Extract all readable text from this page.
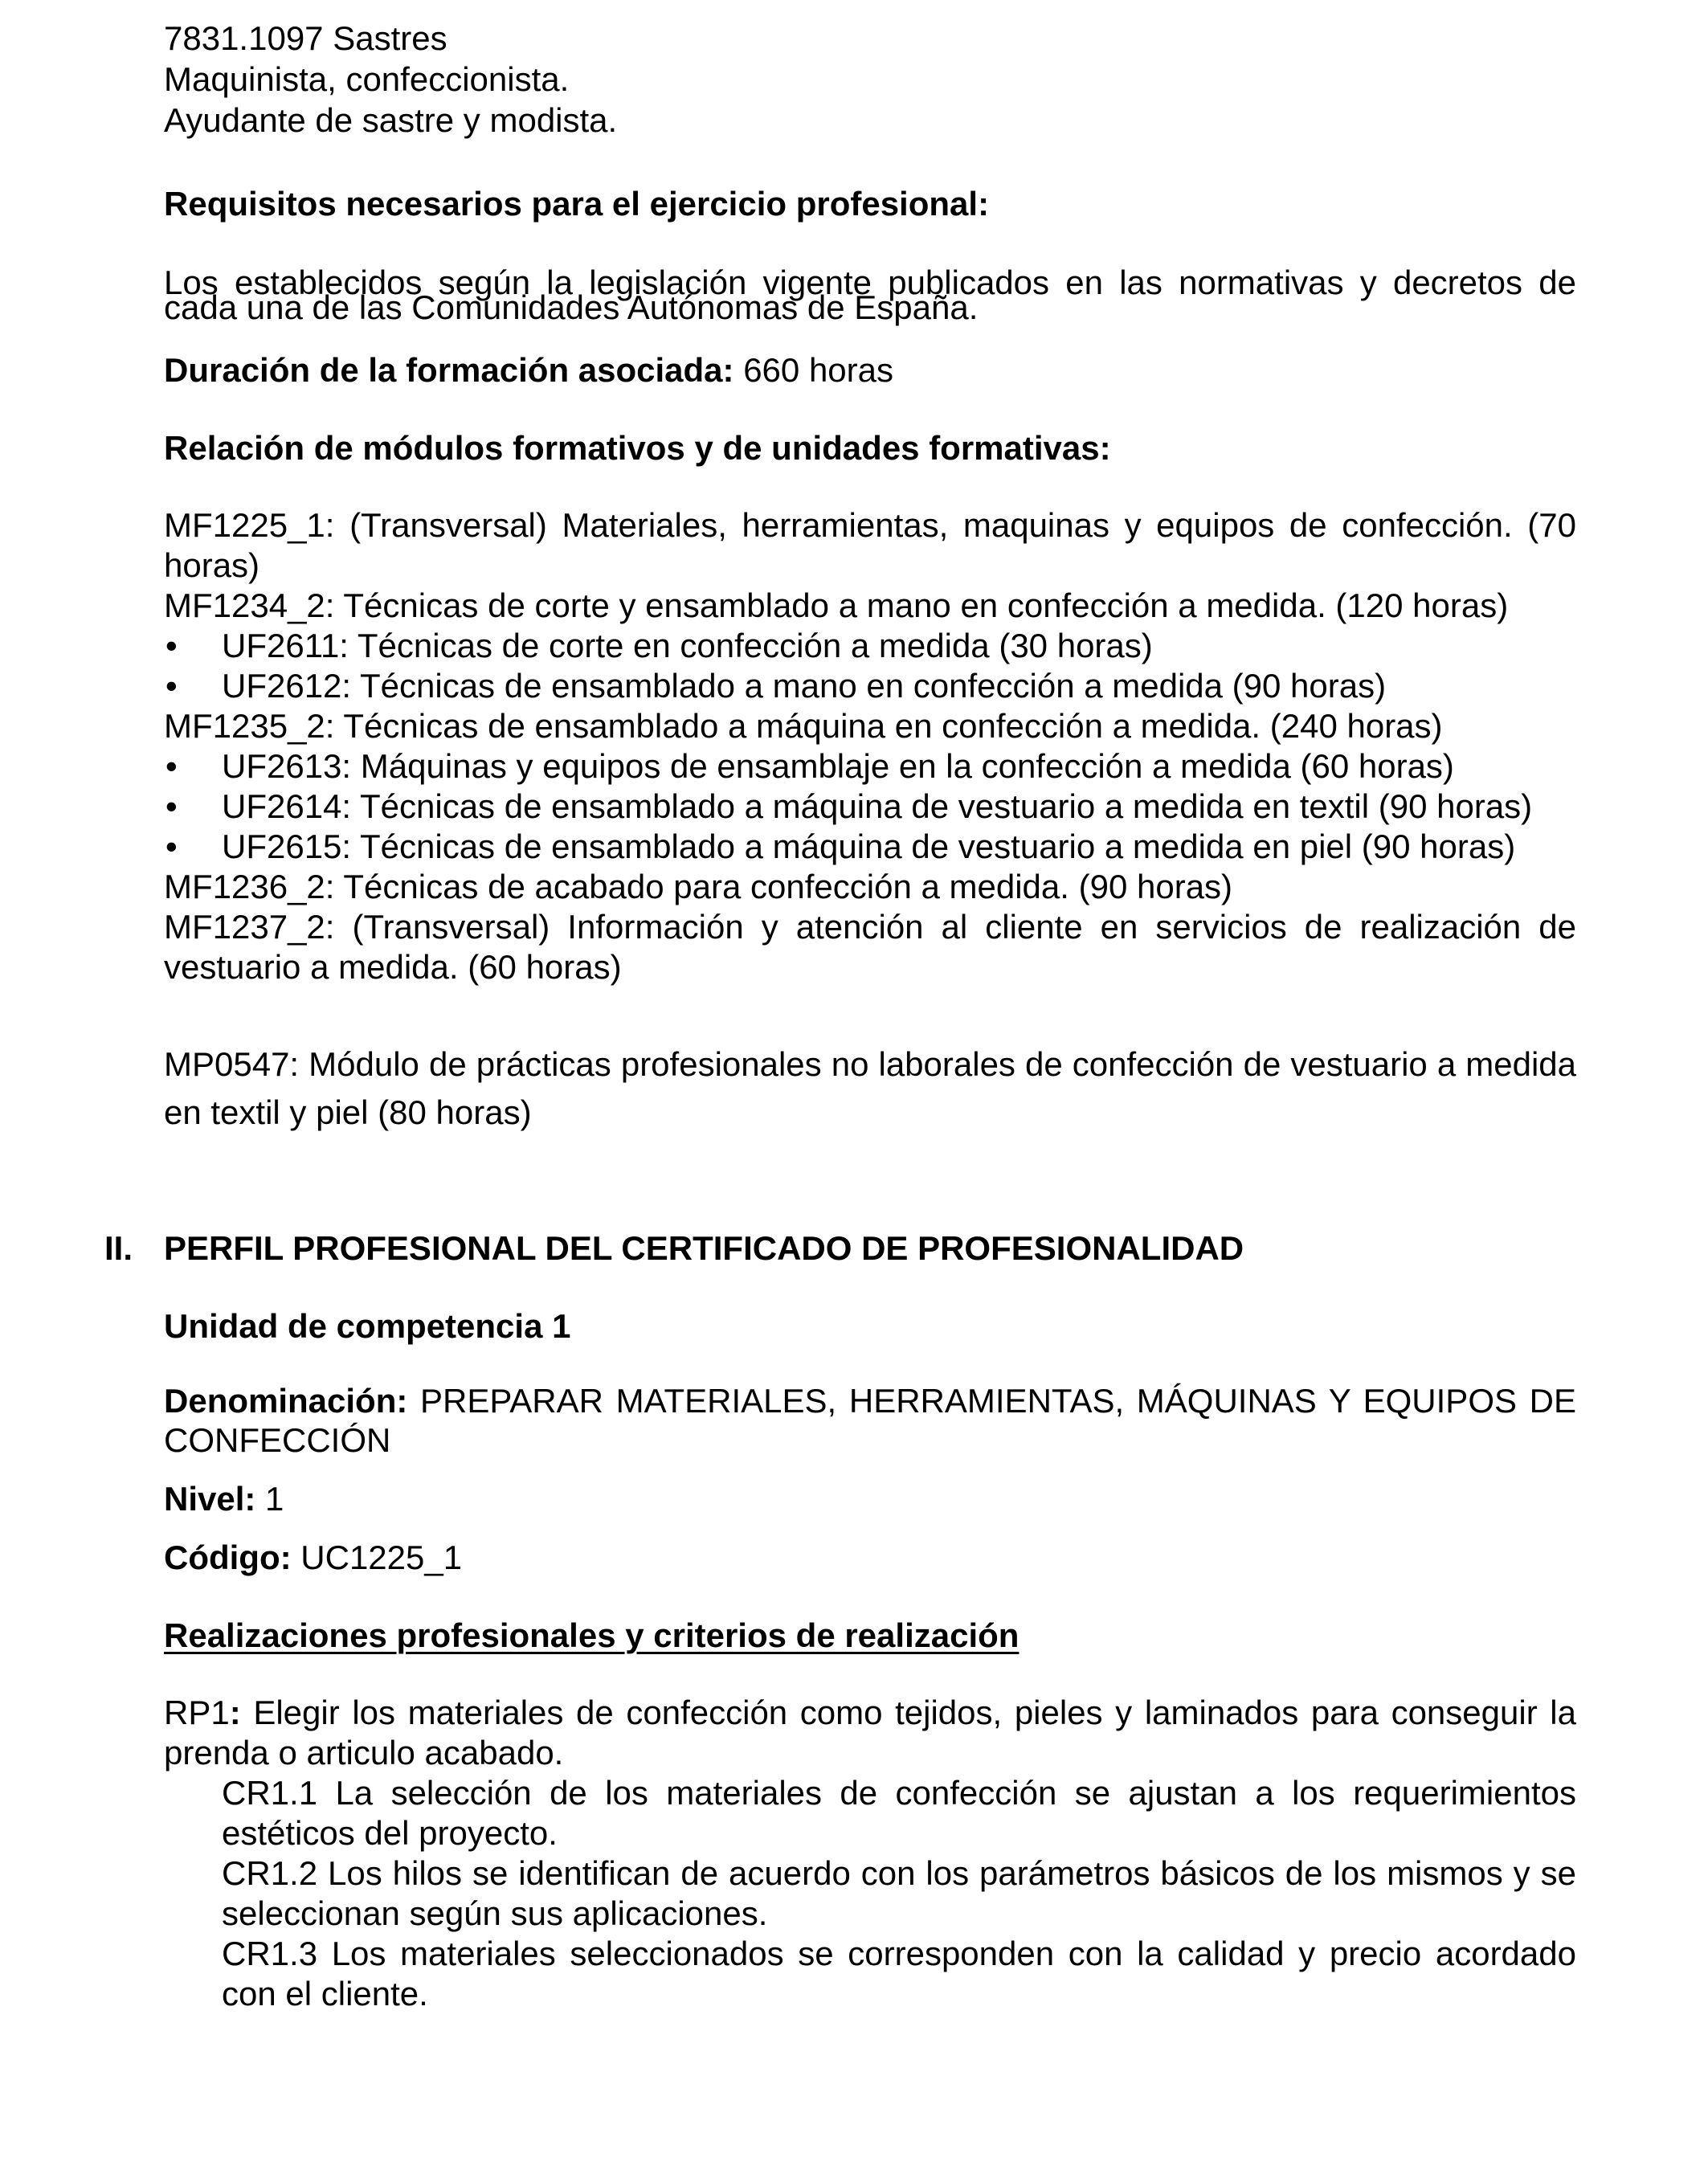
7831.1097 Sastres

Maquinista, confeccionista.

Ayudante de sastre y modista.

Requisitos necesarios para el ejercicio profesional:

Los establecidos según la legislación vigente publicados en las normativas y decretos de cada una de las Comunidades Autónomas de España.

Duración de la formación asociada: 660 horas

Relación de módulos formativos y de unidades formativas:

MF1225_1: (Transversal) Materiales, herramientas, maquinas y equipos de confección. (70 horas)

MF1234_2: Técnicas de corte y ensamblado a mano en confección a medida. (120 horas)

• UF2611: Técnicas de corte en confección a medida (30 horas)

• UF2612: Técnicas de ensamblado a mano en confección a medida (90 horas)

MF1235_2: Técnicas de ensamblado a máquina en confección a medida. (240 horas)

• UF2613: Máquinas y equipos de ensamblaje en la confección a medida (60 horas)

• UF2614: Técnicas de ensamblado a máquina de vestuario a medida en textil (90 horas)

• UF2615: Técnicas de ensamblado a máquina de vestuario a medida en piel (90 horas)

MF1236_2: Técnicas de acabado para confección a medida. (90 horas)

MF1237_2: (Transversal) Información y atención al cliente en servicios de realización de vestuario a medida. (60 horas)

MP0547: Módulo de prácticas profesionales no laborales de confección de vestuario a medida en textil y piel (80 horas)

II. PERFIL PROFESIONAL DEL CERTIFICADO DE PROFESIONALIDAD

Unidad de competencia 1

Denominación: PREPARAR MATERIALES, HERRAMIENTAS, MÁQUINAS Y EQUIPOS DE CONFECCIÓN

Nivel: 1

Código: UC1225_1

Realizaciones profesionales y criterios de realización

RP1: Elegir los materiales de confección como tejidos, pieles y laminados para conseguir la prenda o articulo acabado.

CR1.1 La selección de los materiales de confección se ajustan a los requerimientos estéticos del proyecto.

CR1.2 Los hilos se identifican de acuerdo con los parámetros básicos de los mismos y se seleccionan según sus aplicaciones.

CR1.3 Los materiales seleccionados se corresponden con la calidad y precio acordado con el cliente.
